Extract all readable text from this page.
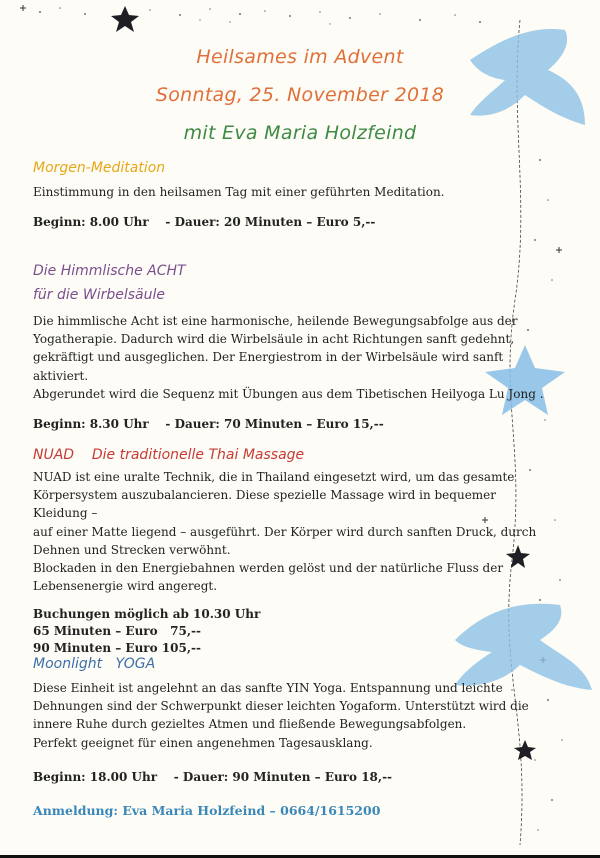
Heilsames im Advent
Sonntag, 25. November 2018
mit Eva Maria Holzfeind
Morgen-Meditation

Einstimmung in den heilsamen Tag mit einer geführten Meditation.

Beginn: 8.00 Uhr    - Dauer: 20 Minuten – Euro 5,--

Die Himmlische ACHT
für die Wirbelsäule

Die himmlische Acht ist eine harmonische, heilende Bewegungsabfolge aus der

Yogatherapie. Dadurch wird die Wirbelsäule in acht Richtungen sanft gedehnt,

gekräftigt und ausgeglichen. Der Energiestrom in der Wirbelsäule wird sanft aktiviert.

Abgerundet wird die Sequenz mit Übungen aus dem Tibetischen Heilyoga Lu Jong .

Beginn: 8.30 Uhr    - Dauer: 70 Minuten – Euro 15,--

NUAD    Die traditionelle Thai Massage

NUAD ist eine uralte Technik, die in Thailand eingesetzt wird, um das gesamte

Körpersystem auszubalancieren. Diese spezielle Massage wird in bequemer Kleidung –

auf einer Matte liegend – ausgeführt. Der Körper wird durch sanften Druck, durch

Dehnen und Strecken verwöhnt.

Blockaden in den Energiebahnen werden gelöst und der natürliche Fluss der

Lebensenergie wird angeregt.

Buchungen möglich ab 10.30 Uhr

65 Minuten – Euro   75,--

90 Minuten – Euro 105,--

Moonlight   YOGA

Diese Einheit ist angelehnt an das sanfte YIN Yoga. Entspannung und leichte

Dehnungen sind der Schwerpunkt dieser leichten Yogaform. Unterstützt wird die

innere Ruhe durch gezieltes Atmen und fließende Bewegungsabfolgen.

Perfekt geeignet für einen angenehmen Tagesausklang.

Beginn: 18.00 Uhr    - Dauer: 90 Minuten – Euro 18,--

Anmeldung: Eva Maria Holzfeind – 0664/1615200
